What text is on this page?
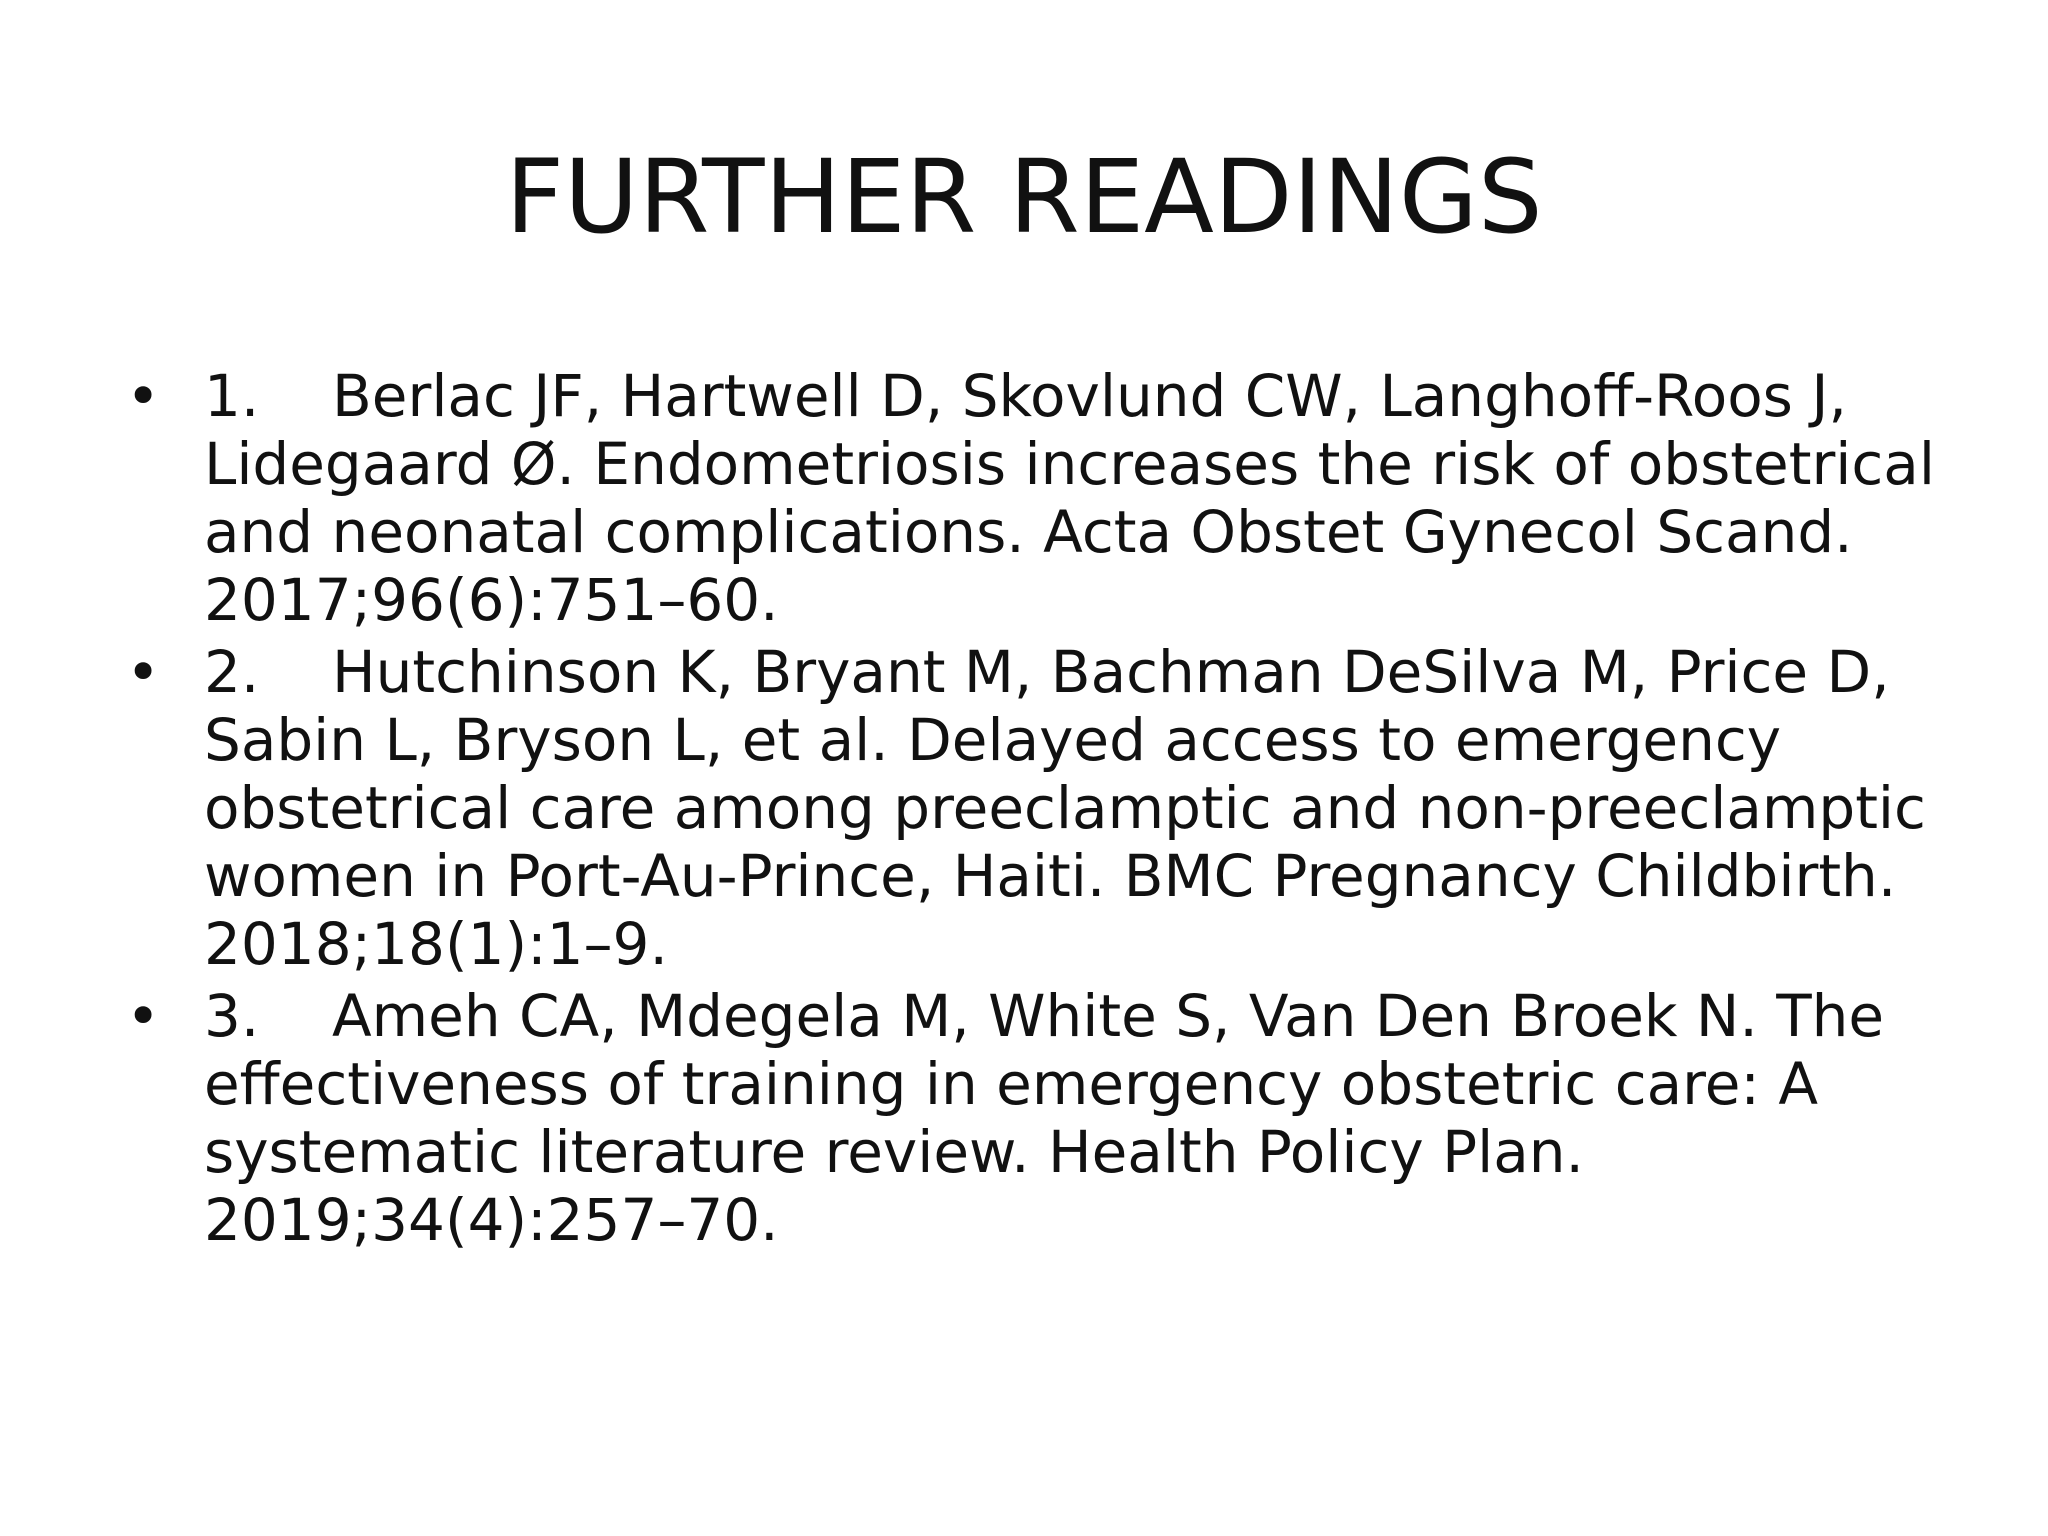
FURTHER READINGS
• 1. Berlac JF, Hartwell D, Skovlund CW, Langhoff-Roos J, Lidegaard Ø. Endometriosis increases the risk of obstetrical and neonatal complications. Acta Obstet Gynecol Scand. 2017;96(6):751–60.
• 2. Hutchinson K, Bryant M, Bachman DeSilva M, Price D, Sabin L, Bryson L, et al. Delayed access to emergency obstetrical care among preeclamptic and non-preeclamptic women in Port-Au-Prince, Haiti. BMC Pregnancy Childbirth. 2018;18(1):1–9.
• 3. Ameh CA, Mdegela M, White S, Van Den Broek N. The effectiveness of training in emergency obstetric care: A systematic literature review. Health Policy Plan. 2019;34(4):257–70.
